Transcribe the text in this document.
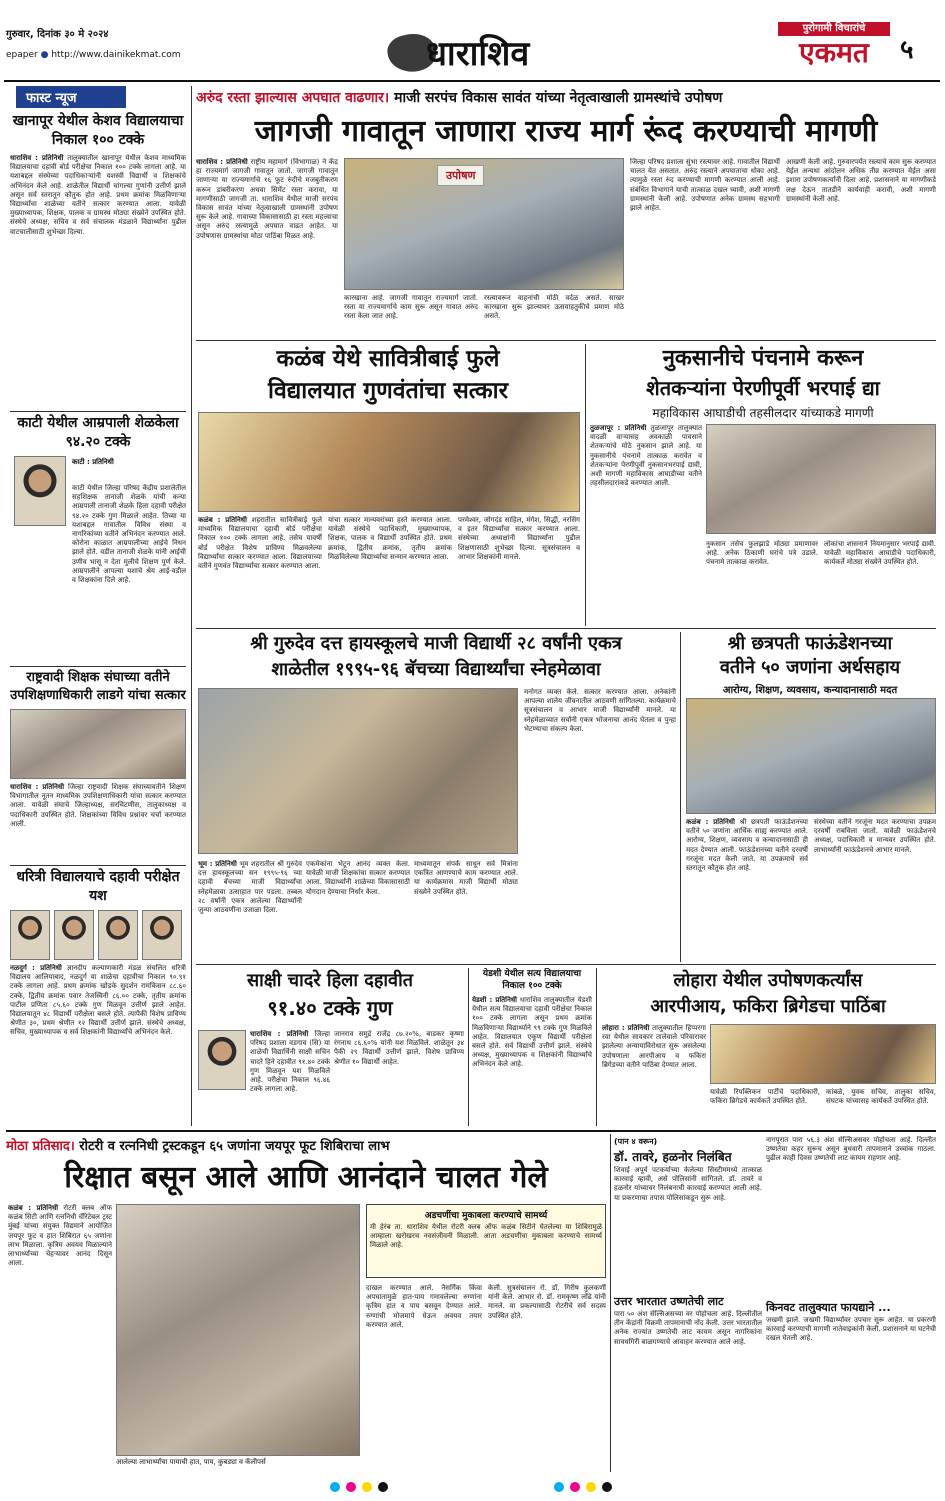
गुरुवार, दिनांक ३० मे २०२४
epaper ● http://www.dainikekmat.com	धाराशिव
पुरोगामी विचारांचे
एकमत	५
फास्ट न्यूज
खानापूर येथील केशव विद्यालयाचा निकाल १०० टक्के
धाराशिव : प्रतिनिधी तालुक्यातील खानापूर येथील केशव माध्यमिक विद्यालयाचा दहावी बोर्ड परीक्षेचा निकाल १०० टक्के लागला आहे. या यशाबद्दल संस्थेच्या पदाधिकाऱ्यांनी यशस्वी विद्यार्थी व शिक्षकांचे अभिनंदन केले आहे. शाळेतील विद्यार्थी चांगल्या गुणांनी उत्तीर्ण झाले असून सर्व स्तरातून कौतुक होत आहे. प्रथम क्रमांक मिळविणाऱ्या विद्यार्थ्यांचा शाळेच्या वतीने सत्कार करण्यात आला. यावेळी मुख्याध्यापक, शिक्षक, पालक व ग्रामस्थ मोठ्या संख्येने उपस्थित होते. संस्थेचे अध्यक्ष, सचिव व सर्व संचालक मंडळाने विद्यार्थ्यांना पुढील वाटचालीसाठी शुभेच्छा दिल्या.
काटी येथील आम्रपाली शेळकेला ९४.२० टक्के
काटी : प्रतिनिधी
काटी येथील जिल्हा परिषद केंद्रीय प्रशालेतील सहशिक्षक तानाजी शेळके यांची कन्या आम्रपाली तानाजी शेळके हिला दहावी परीक्षेत ९४.२० टक्के गुण मिळाले आहेत. तिच्या या यशाबद्दल गावातील विविध संस्था व नागरिकांच्या वतीने अभिनंदन करण्यात आले. कोरोना काळात आम्रपालीच्या आईचे निधन झाले होते. वडील तानाजी शेळके यांनी आईची उणीव भासू न देता मुलीचे शिक्षण पूर्ण केले. आम्रपालीने आपल्या यशाचे श्रेय आई-वडील व शिक्षकांना दिले आहे.
राष्ट्रवादी शिक्षक संघाच्या वतीने उपशिक्षणाधिकारी लाडगे यांचा सत्कार
धाराशिव : प्रतिनिधी जिल्हा राष्ट्रवादी शिक्षक संघाच्यावतीने शिक्षण विभागातील नूतन माध्यमिक उपशिक्षणाधिकारी यांचा सत्कार करण्यात आला. यावेळी संघाचे जिल्हाध्यक्ष, सरचिटणीस, तालुकाध्यक्ष व पदाधिकारी उपस्थित होते. शिक्षकांच्या विविध प्रश्नांवर चर्चा करण्यात आली.
धरित्री विद्यालयाचे दहावी परीक्षेत यश
नळदुर्ग : प्रतिनिधी ज्ञानदीप कल्याणकारी मंडळ संचलित धरित्री विद्यालय आलियाबाद, नळदुर्ग या शाळेचा दहावीचा निकाल ९०.९१ टक्के लागला आहे. प्रथम क्रमांक खोडके सुदर्शन रामकिसन ८८.६० टक्के, द्वितीय क्रमांक पवार तेजस्विनी ८६.०० टक्के, तृतीय क्रमांक पाटील प्रणिता ८५.६० टक्के गुण मिळवून उत्तीर्ण झाले आहेत. विद्यालयातून ४८ विद्यार्थी परीक्षेला बसले होते. त्यापैकी विशेष प्राविण्य श्रेणीत ३०, प्रथम श्रेणीत १२ विद्यार्थी उत्तीर्ण झाले. संस्थेचे अध्यक्ष, सचिव, मुख्याध्यापक व सर्व शिक्षकांनी विद्यार्थ्यांचे अभिनंदन केले.
अरुंद रस्ता झाल्यास अपघात वाढणार। माजी सरपंच विकास सावंत यांच्या नेतृत्वाखाली ग्रामस्थांचे उपोषण
जागजी गावातून जाणारा राज्य मार्ग रूंद करण्याची मागणी
धाराशिव : प्रतिनिधी राष्ट्रीय महामार्ग (विभागाळ) ने केंद्र हा राज्यमार्ग जागजी गावातून जातो. जागजी गावातून जाणाऱ्या या राज्यमार्गाचे १६ फूट रुंदीचे मजबुतीकरण करून डांबरीकरण अथवा सिमेंट रस्ता करावा, या मागणीसाठी जागजी ता. धाराशिव येथील माजी सरपंच विकास सावंत यांच्या नेतृत्वाखाली ग्रामस्थांनी उपोषण सुरू केले आहे. गावाच्या विकासासाठी हा रस्ता महत्त्वाचा असून अरुंद रस्त्यामुळे अपघात वाढत आहेत. या उपोषणास ग्रामस्थांचा मोठा पाठिंबा मिळत आहे.
उपोषण
कारखाना आहे. जागजी गावातून राज्यमार्ग जातो. रस्ता या राज्यमार्गाचे काम सुरू असून गावात अरुंद रस्ता केला जात आहे.
रस्त्यावरून वाहनांची मोठी वर्दळ असते. साखर कारखाना सुरू झाल्यावर ऊसवाहतुकीचे प्रमाण मोठे असते.
जिल्हा परिषद प्रशाला सुंभा रस्त्यावर आहे. गावातील विद्यार्थी चालत येत असतात. अरुंद रस्त्याने अपघाताचा धोका आहे. त्यामुळे रस्ता रुंद करण्याची मागणी करण्यात आली आहे. संबंधित विभागाने याची तात्काळ दखल घ्यावी, अशी मागणी ग्रामस्थांनी केली आहे. उपोषणात अनेक ग्रामस्थ सहभागी झाले आहेत.
आखणी केली आहे. गुरुवारपर्यंत रस्त्याचे काम सुरू करण्यात येईल अन्यथा आंदोलन अधिक तीव्र करण्यात येईल असा इशारा उपोषणकर्त्यांनी दिला आहे. प्रशासनाने या मागणीकडे लक्ष देऊन तातडीने कार्यवाही करावी, अशी मागणी ग्रामस्थांनी केली आहे.
कळंब येथे सावित्रीबाई फुले
विद्यालयात गुणवंतांचा सत्कार
कळंब : प्रतिनिधी शहरातील सावित्रीबाई फुले माध्यमिक विद्यालयाचा दहावी बोर्ड परीक्षेचा निकाल १०० टक्के लागला आहे. तसेच यावर्षी बोर्ड परीक्षेत विशेष प्राविण्य मिळवलेल्या विद्यार्थ्यांचा सत्कार करण्यात आला. विद्यालयाच्या वतीने गुणवंत विद्यार्थ्यांचा सत्कार करण्यात आला.
यांचा सत्कार मान्यवरांच्या हस्ते करण्यात आला. यावेळी संस्थेचे पदाधिकारी, मुख्याध्यापक, शिक्षक, पालक व विद्यार्थी उपस्थित होते. प्रथम क्रमांक, द्वितीय क्रमांक, तृतीय क्रमांक मिळविलेल्या विद्यार्थ्यांचा सन्मान करण्यात आला.
परमेश्वर, जोगदंड साहिल, मंगेश, सिद्धी, नरसिंग व इतर विद्यार्थ्यांचा सत्कार करण्यात आला. संस्थेच्या अध्यक्षांनी विद्यार्थ्यांना पुढील शिक्षणासाठी शुभेच्छा दिल्या. सूत्रसंचालन व आभार शिक्षकांनी मानले.
नुकसानीचे पंचनामे करून
शेतकऱ्यांना पेरणीपूर्वी भरपाई द्या
महाविकास आघाडीची तहसीलदार यांच्याकडे मागणी
तुळजापूर : प्रतिनिधी तुळजापूर तालुक्यात वादळी वाऱ्यासह अवकाळी पावसाने शेतकऱ्यांचे मोठे नुकसान झाले आहे. या नुकसानीचे पंचनामे तात्काळ करावेत व शेतकऱ्यांना पेरणीपूर्वी नुकसानभरपाई द्यावी, अशी मागणी महाविकास आघाडीच्या वतीने तहसीलदारांकडे करण्यात आली.
नुकसान तसेच फुलझाडे मोठ्या प्रमाणावर आहे. अनेक ठिकाणी घरांचे पत्रे उडाले. पंचनामे तात्काळ करावेत.
लोकांचा शासनाने नियमानुसार भरपाई द्यावी. यावेळी महाविकास आघाडीचे पदाधिकारी, कार्यकर्ते मोठ्या संख्येने उपस्थित होते.
श्री गुरुदेव दत्त हायस्कूलचे माजी विद्यार्थी २८ वर्षांनी एकत्र
शाळेतील १९९५-९६ बॅचच्या विद्यार्थ्यांचा स्नेहमेळावा
भूम : प्रतिनिधी भूम शहरातील श्री गुरुदेव दत्त हायस्कूलच्या सन १९९५-९६ च्या दहावी बॅचच्या माजी विद्यार्थ्यांचा स्नेहमेळावा उत्साहात पार पडला. तब्बल २८ वर्षांनी एकत्र आलेल्या विद्यार्थ्यांनी जुन्या आठवणींना उजाळा दिला.
एकमेकांना भेटून आनंद व्यक्त केला. यावेळी माजी शिक्षकांचा सत्कार करण्यात आला. विद्यार्थ्यांनी शाळेच्या विकासासाठी योगदान देण्याचा निर्धार केला.
माध्यमातून संपर्क साधून सर्व मित्रांना एकत्रित आणण्याचे काम करण्यात आले. या कार्यक्रमास माजी विद्यार्थी मोठ्या संख्येने उपस्थित होते.
मनोगत व्यक्त केले. सत्कार करण्यात आला. अनेकांनी आपल्या शालेय जीवनातील आठवणी सांगितल्या. कार्यक्रमाचे सूत्रसंचालन व आभार माजी विद्यार्थ्यांनी मानले. या स्नेहमेळाव्यात सर्वांनी एकत्र भोजनाचा आनंद घेतला व पुन्हा भेटण्याचा संकल्प केला.
श्री छत्रपती फाऊंडेशनच्या
वतीने ५० जणांना अर्थसहाय
आरोग्य, शिक्षण, व्यवसाय, कन्यादानासाठी मदत
कळंब : प्रतिनिधी श्री छत्रपती फाऊंडेशनच्या वतीने ५० जणांना आर्थिक साह्य करण्यात आले. आरोग्य, शिक्षण, व्यवसाय व कन्यादानासाठी ही मदत देण्यात आली. फाऊंडेशनच्या वतीने दरवर्षी गरजूंना मदत केली जाते. या उपक्रमाचे सर्व स्तरातून कौतुक होत आहे.
संस्थेच्या वतीने गरजूंना मदत करण्याचा उपक्रम दरवर्षी राबविला जातो. यावेळी फाऊंडेशनचे अध्यक्ष, पदाधिकारी व मान्यवर उपस्थित होते. लाभार्थ्यांनी फाऊंडेशनचे आभार मानले.
साक्षी चादरे हिला दहावीत
९१.४० टक्के गुण
धाराशिव : प्रतिनिधी जिल्हा परिषद प्रशाला वडगाव (सि) या शाळेची विद्यार्थिनी साक्षी सचिन चादरे हिने दहावीत ९१.४० टक्के गुण मिळवून यश मिळविले आहे. परीक्षेचा निकाल ९६.४६ टक्के लागला आहे.
जानराव समुद्रे राजेंद्र ८७.२०%, बाडकर कृष्णा रंगनाथ ८६.६०% यांनी यश मिळविले. शाळेतून ३४ पैकी २९ विद्यार्थी उत्तीर्ण झाले. विशेष प्राविण्य श्रेणीत १० विद्यार्थी आहेत.
येडशी येथील सत्य विद्यालयाचा निकाल १०० टक्के
येडशी : प्रतिनिधी धाराशिव तालुक्यातील येडशी येथील सत्य विद्यालयाचा दहावी परीक्षेचा निकाल १०० टक्के लागला असून प्रथम क्रमांक मिळविणाऱ्या विद्यार्थ्याने ९९ टक्के गुण मिळविले आहेत. विद्यालयात एकूण विद्यार्थी परीक्षेला बसले होते. सर्व विद्यार्थी उत्तीर्ण झाले. संस्थेचे अध्यक्ष, मुख्याध्यापक व शिक्षकांनी विद्यार्थ्यांचे अभिनंदन केले आहे.
लोहारा येथील उपोषणकर्त्यांस
आरपीआय, फकिरा ब्रिगेडचा पाठिंबा
लोहारा : प्रतिनिधी तालुक्यातील हिप्परगा रवा येथील सावकार तालेवाले परिवारावर झालेल्या अन्यायाविरोधात सुरू असलेल्या उपोषणाला आरपीआय व फकिरा ब्रिगेडच्या वतीने पाठिंबा देण्यात आला.
यावेळी रिपब्लिकन पार्टीचे पदाधिकारी, फकिरा ब्रिगेडचे कार्यकर्ते उपस्थित होते.
कांबळे, युवक सचिव, तालुका सचिव, संघटक यांच्यासह कार्यकर्ते उपस्थित होते.
मोठा प्रतिसाद। रोटरी व रत्ननिधी ट्रस्टकडून ६५ जणांना जयपूर फूट शिबिराचा लाभ
रिक्षात बसून आले आणि आनंदाने चालत गेले
कळंब : प्रतिनिधी रोटरी क्लब ऑफ कळंब सिटी आणि रत्ननिधी चॅरिटेबल ट्रस्ट मुंबई यांच्या संयुक्त विद्यमाने आयोजित जयपूर फूट व हात शिबिरात ६५ जणांना लाभ मिळाला. कृत्रिम अवयव मिळाल्याने लाभार्थ्यांच्या चेहऱ्यावर आनंद दिसून आला.
आलेल्या लाभार्थ्यांचा पायाची हात, पाय, कुबड्या व कॅलीपर्स
अडचणींचा मुकाबला करण्याचे सामर्थ्य
मी हेरंब ता. धाराशिव येथील रोटरी क्लब ऑफ कळंब सिटीने घेतलेल्या या शिबिरामुळे आम्हाला खरोखरच नवसंजीवनी मिळाली. आता अडचणींचा मुकाबला करण्याचे सामर्थ्य मिळाले आहे.
दाखल करण्यात आले. नैसर्गिक किंवा अपघातामुळे हात-पाय गमावलेल्या रुग्णांना कृत्रिम हात व पाय बसवून देण्यात आले. रुग्णांची मोजमापे घेऊन अवयव तयार करण्यात आले.
केली. सुत्रसंचालन रो. डॉ. गिरीष कुलकर्णी यांनी केले. आभार रो. डॉ. रामकृष्ण लोंढे यांनी मानले. या प्रकल्पासाठी रोटरीचे सर्व सदस्य उपस्थित होते.
नागपूरात पारा ५६.३ अंश सेल्सिअसवर पोहोचला आहे. दिल्लीत उष्णतेचा कहर सुरूच असून बुधवारी तापमानाने उच्चांक गाठला. पुढील काही दिवस उष्णतेची लाट कायम राहणार आहे.
(पान ४ वरून)
डॉ. तावरे, हळनोर निलंबित
शिवाई अपूर्व पटकर्याच्या केलेल्या सिस्टीममध्ये तात्काळ कारवाई व्हावी, असे पोलिसांनी सांगितले. डॉ. तावरे व हळनोर यांच्यावर निलंबनाची कारवाई करण्यात आली आहे. या प्रकरणाचा तपास पोलिसांकडून सुरू आहे.
उत्तर भारतात उष्णतेची लाट
पारा ५० अंश सेल्सिअसच्या वर पोहोचला आहे. दिल्लीतील तीन केंद्रांनी विक्रमी तापमानाची नोंद केली. उत्तर भारतातील अनेक राज्यांत उष्णतेची लाट कायम असून नागरिकांना सावधगिरी बाळगण्याचे आवाहन करण्यात आले आहे.
किनवट तालुक्यात फायद्याने ...
जखमी झाले. जखमी विद्यार्थ्यांवर उपचार सुरू आहेत. या प्रकरणी कारवाई करण्याची मागणी नातेवाइकांनी केली. प्रशासनाने या घटनेची दखल घेतली आहे.
